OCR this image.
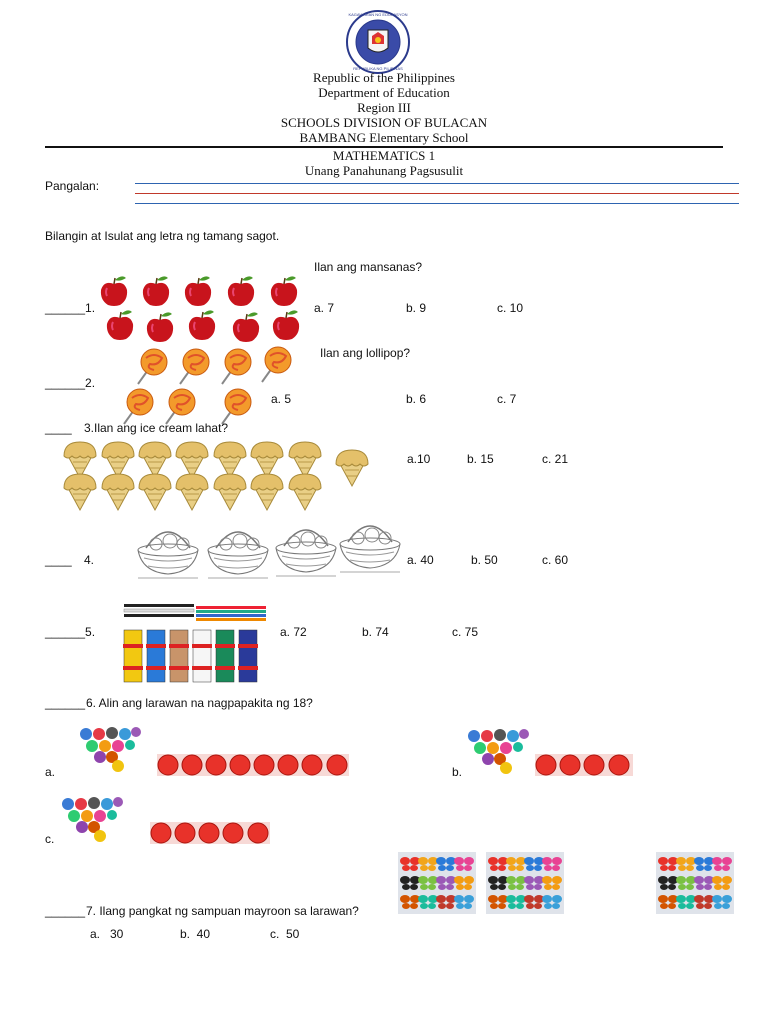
KAGAWARAN NG EDUKASYON
REPUBLIKA NG PILIPINAS
Republic of the Philippines
Department of Education
Region III
SCHOOLS DIVISION OF BULACAN
BAMBANG Elementary School
MATHEMATICS 1
Unang Panahunang Pagsusulit
Pangalan:
Bilangin at Isulat ang letra ng tamang sagot.
Ilan ang mansanas?
______1.	a. 7	b. 9	c. 10
Ilan ang lollipop?
______2.
a. 5	b. 6	c. 7
____ 3.Ilan ang ice cream lahat?
a.10	b. 15	c. 21
____ 4.	a. 40	b. 50	c. 60
______5.	a. 72	b. 74	c. 75
______ 6. Alin ang larawan na nagpapakita ng 18?
a.	b.
c.
______ 7. Ilang pangkat ng sampuan mayroon sa larawan?
a.   30	b.  40	c.  50
